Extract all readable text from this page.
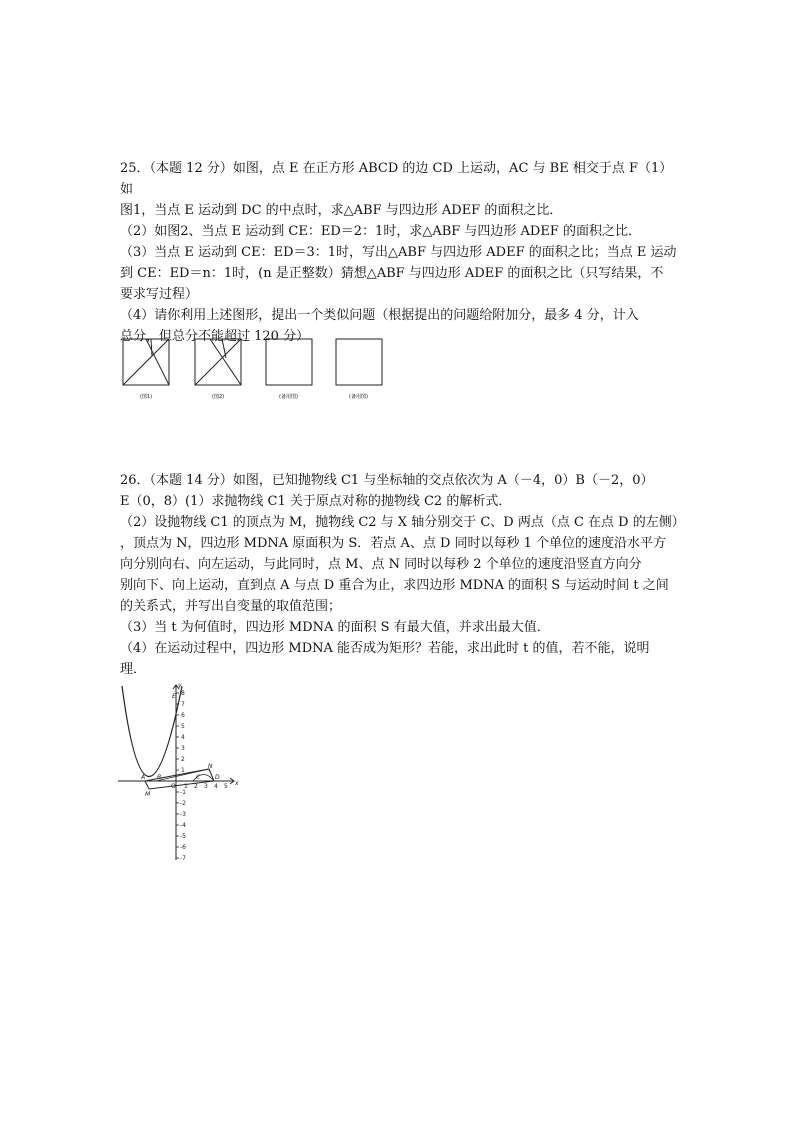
25．（本题 12 分）如图，点 E 在正方形 ABCD 的边 CD 上运动，AC 与 BE 相交于点 F（1）如

图1，当点 E 运动到 DC 的中点时，求△ABF 与四边形 ADEF 的面积之比．

（2）如图2、当点 E 运动到 CE：ED＝2：1时，求△ABF 与四边形 ADEF 的面积之比．

（3）当点 E 运动到 CE：ED＝3：1时，写出△ABF 与四边形 ADEF 的面积之比；当点 E 运动

到 CE：ED＝n：1时，(n 是正整数）猜想△ABF 与四边形 ADEF 的面积之比（只写结果，不

要求写过程）

（4）请你利用上述图形，提出一个类似问题（根据提出的问题给附加分，最多 4 分，计入

总分，但总分不能超过 120 分）

(图1)	(图2)	(备用图)	(备用图)

26．（本题 14 分）如图，已知抛物线 C1 与坐标轴的交点依次为 A（－4，0）B（－2，0）

E（0，8）(1）求抛物线 C1 关于原点对称的抛物线 C2 的解析式．

（2）设抛物线 C1 的顶点为 M，抛物线 C2 与 X 轴分别交于 C、D 两点（点 C 在点 D 的左侧）

，顶点为 N，四边形 MDNA 原面积为 S．若点 A、点 D 同时以每秒 1 个单位的速度沿水平方

向分别向右、向左运动，与此同时，点 M、点 N 同时以每秒 2 个单位的速度沿竖直方向分

别向下、向上运动，直到点 A 与点 D 重合为止，求四边形 MDNA 的面积 S 与运动时间 t 之间

的关系式，并写出自变量的取值范围；

（3）当 t 为何值时，四边形 MDNA 的面积 S 有最大值，并求出最大值．

（4）在运动过程中，四边形 MDNA 能否成为矩形？若能，求出此时 t 的值，若不能，说明

理．

y
x
O
8
7
6
5
4
3
2
1
-1
-2
-3
-4
-5
-6
-7
1 2 3 4 5
E
A B
M
N
C D
